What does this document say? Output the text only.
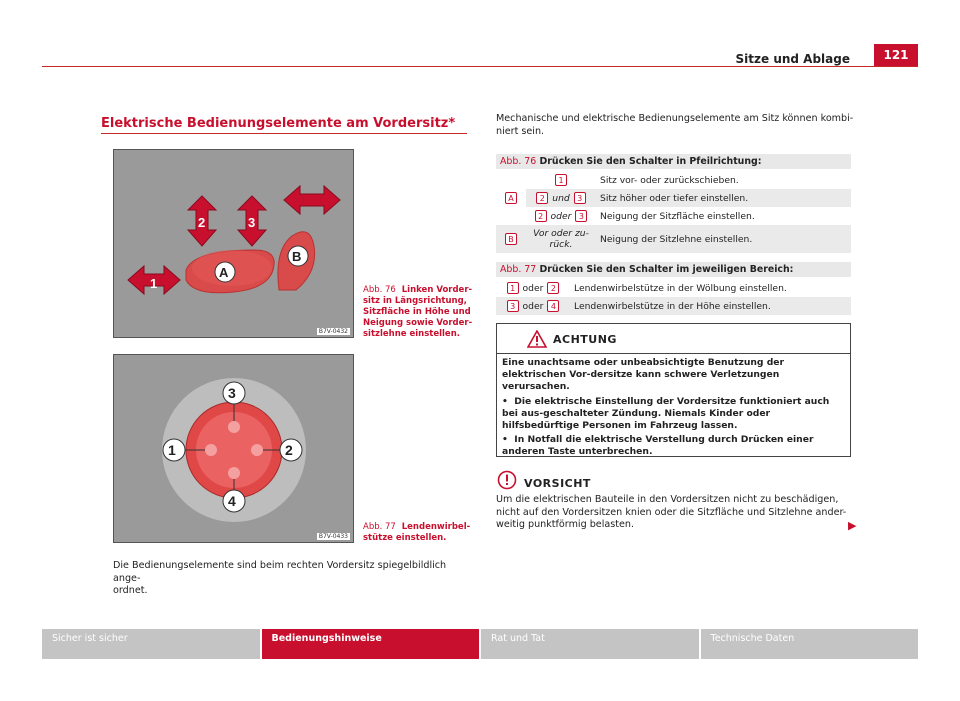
Sitze und Ablage	121
Elektrische Bedienungselemente am Vordersitz*
1
2	3
A
B
B7V-0432
Abb. 76 Linken Vorder-
sitz in Längsrichtung,
Sitzfläche in Höhe und
Neigung sowie Vorder-
sitzlehne einstellen.
3
4
1	2
B7V-0433
Abb. 77 Lendenwirbel-
stütze einstellen.
Die Bedienungselemente sind beim rechten Vordersitz spiegelbildlich ange-
ordnet.
Mechanische und elektrische Bedienungselemente am Sitz können kombi-
niert sein.
Abb. 76 Drücken Sie den Schalter in Pfeilrichtung:
A	1	Sitz vor- oder zurückschieben.
	2 und 3	Sitz höher oder tiefer einstellen.
	2 oder 3	Neigung der Sitzfläche einstellen.
B	Vor oder zu-
rück.	Neigung der Sitzlehne einstellen.
Abb. 77 Drücken Sie den Schalter im jeweiligen Bereich:
1 oder 2	Lendenwirbelstütze in der Wölbung einstellen.
3 oder 4	Lendenwirbelstütze in der Höhe einstellen.
ACHTUNG

Eine unachtsame oder unbeabsichtigte Benutzung der elektrischen Vor-dersitze kann schwere Verletzungen verursachen.

• Die elektrische Einstellung der Vordersitze funktioniert auch bei aus-geschalteter Zündung. Niemals Kinder oder hilfsbedürftige Personen im Fahrzeug lassen.

• In Notfall die elektrische Verstellung durch Drücken einer anderen Taste unterbrechen.

VORSICHT
Um die elektrischen Bauteile in den Vordersitzen nicht zu beschädigen,
nicht auf den Vordersitzen knien oder die Sitzfläche und Sitzlehne ander-
weitig punktförmig belasten.	▶
Sicher ist sicher	Bedienungshinweise	Rat und Tat	Technische Daten
